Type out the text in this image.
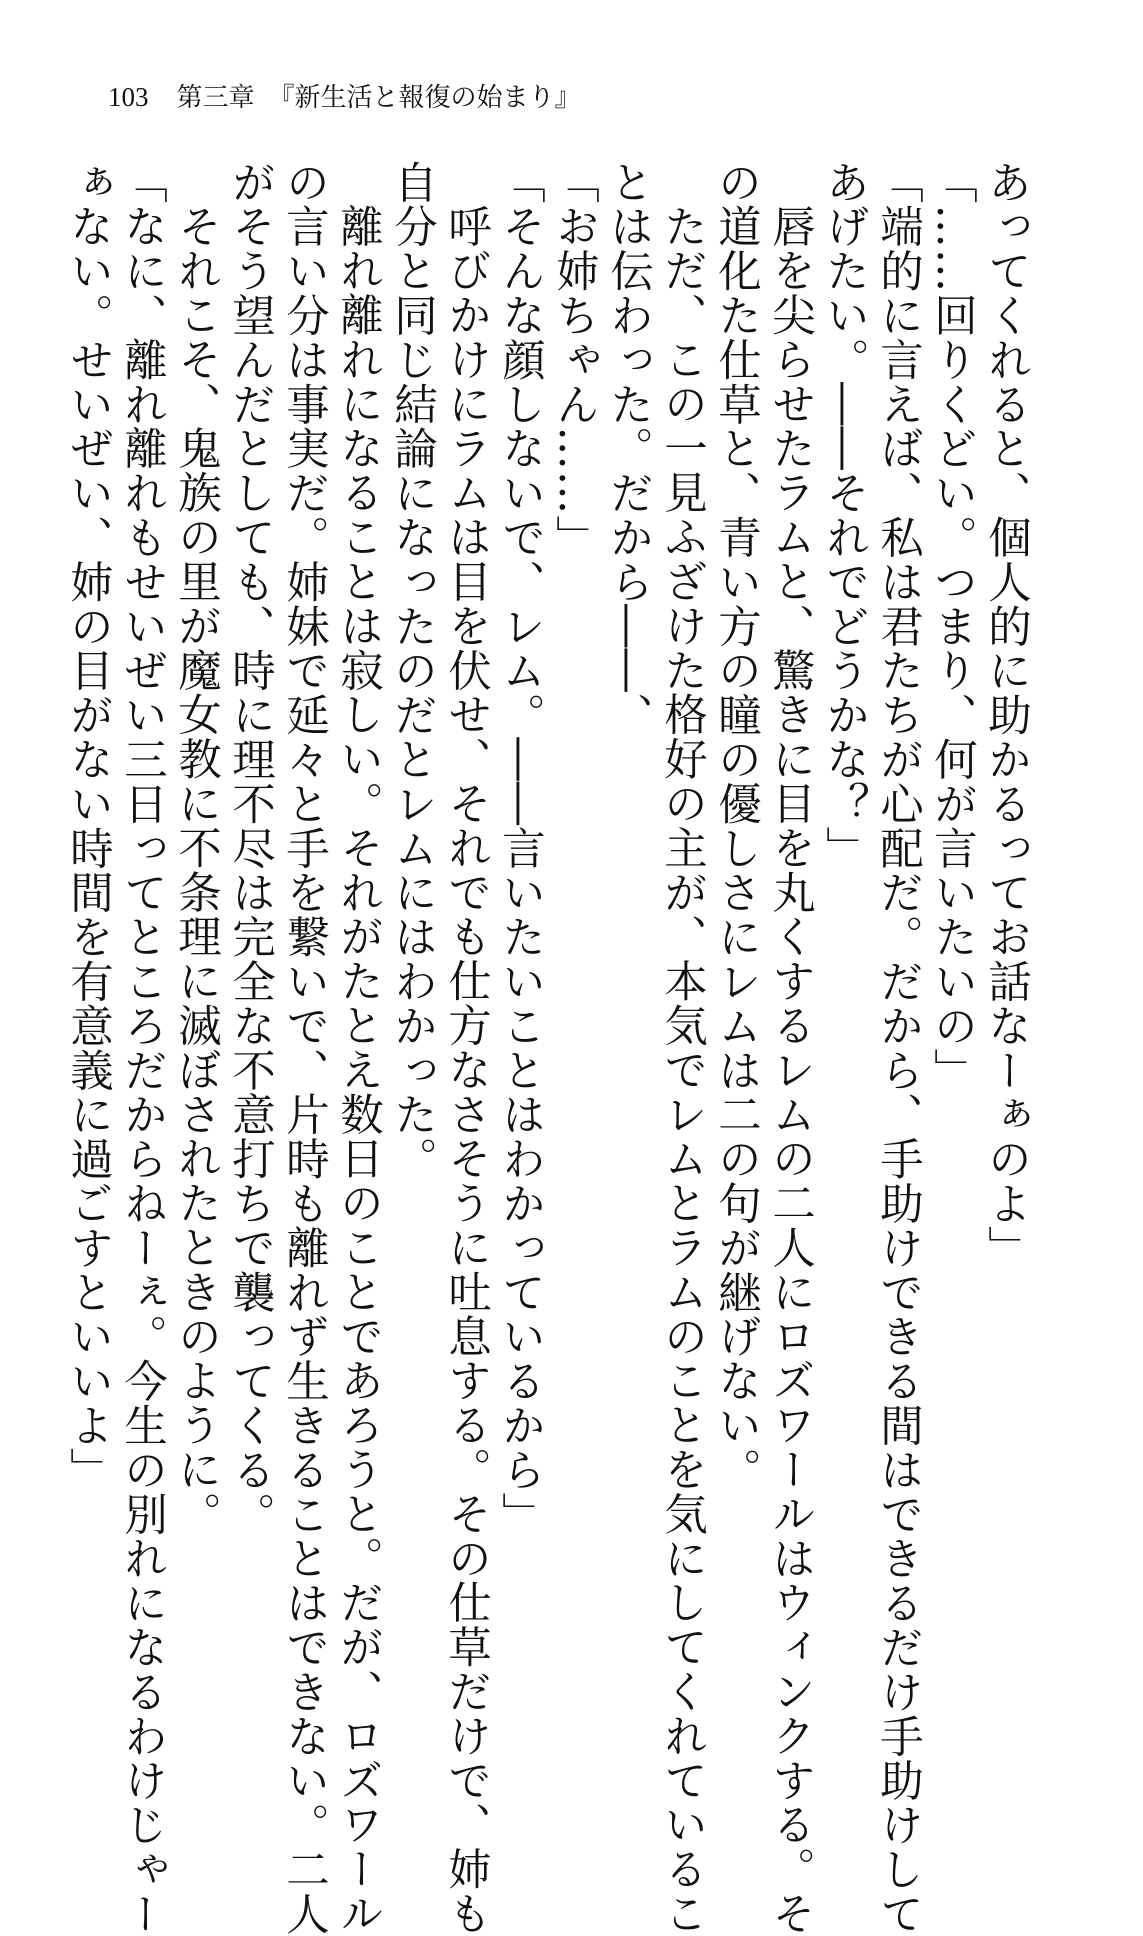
103 第三章 『新生活と報復の始まり』

あってくれると、個人的に助かるってお話なーぁのよ」

「……回りくどい。つまり、何が言いたいの」

「端的に言えば、私は君たちが心配だ。だから、手助けできる間はできるだけ手助けして

あげたい。――それでどうかな？」

唇を尖らせたラムと、驚きに目を丸くするレムの二人にロズワールはウィンクする。そ

の道化た仕草と、青い方の瞳の優しさにレムは二の句が継げない。

ただ、この一見ふざけた格好の主が、本気でレムとラムのことを気にしてくれているこ

とは伝わった。だから――、

「お姉ちゃん……」

「そんな顔しないで、レム。――言いたいことはわかっているから」

呼びかけにラムは目を伏せ、それでも仕方なさそうに吐息する。その仕草だけで、姉も

自分と同じ結論になったのだとレムにはわかった。

離れ離れになることは寂しい。それがたとえ数日のことであろうと。だが、ロズワール

の言い分は事実だ。姉妹で延々と手を繋いで、片時も離れず生きることはできない。二人

がそう望んだとしても、時に理不尽は完全な不意打ちで襲ってくる。

それこそ、鬼族の里が魔女教に不条理に滅ぼされたときのように。

「なに、離れ離れもせいぜい三日ってところだからねーぇ。今生の別れになるわけじゃー

ぁない。せいぜい、姉の目がない時間を有意義に過ごすといいよ」
